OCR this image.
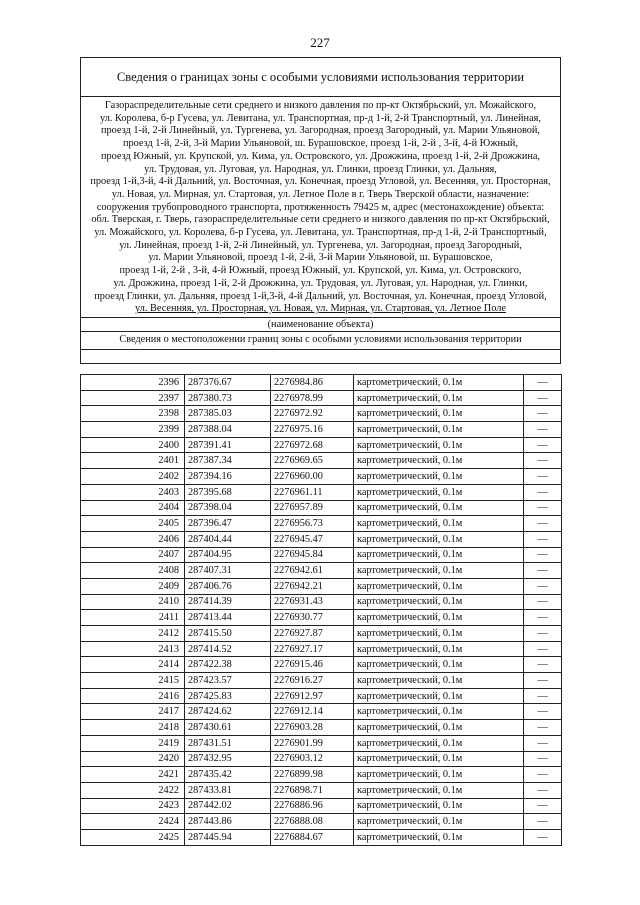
227
Сведения о границах зоны с особыми условиями использования территории
Газораспределительные сети среднего и низкого давления по пр-кт Октябрьский, ул. Можайского,
ул. Королева, б-р Гусева, ул. Левитана, ул. Транспортная, пр-д 1-й, 2-й Транспортный, ул. Линейная,
проезд 1-й, 2-й Линейный, ул. Тургенева, ул. Загородная, проезд Загородный, ул. Марии Ульяновой,
проезд 1-й, 2-й, 3-й Марии Ульяновой, ш. Бурашовское, проезд 1-й, 2-й , 3-й, 4-й Южный,
проезд Южный, ул. Крупской, ул. Кима, ул. Островского, ул. Дрожжина, проезд 1-й, 2-й Дрожжина,
ул. Трудовая, ул. Луговая, ул. Народная, ул. Глинки, проезд Глинки, ул. Дальняя,
проезд 1-й,3-й, 4-й Дальний, ул. Восточная, ул. Конечная, проезд Угловой, ул. Весенняя, ул. Просторная,
ул. Новая, ул. Мирная, ул. Стартовая, ул. Летное Поле в г. Тверь Тверской области, назначение:
сооружения трубопроводного транспорта, протяженность 79425 м, адрес (местонахождение) объекта:
обл. Тверская, г. Тверь, газораспределительные сети среднего и низкого давления по пр-кт Октябрьский,
ул. Можайского, ул. Королева, б-р Гусева, ул. Левитана, ул. Транспортная, пр-д 1-й, 2-й Транспортный,
ул. Линейная, проезд 1-й, 2-й Линейный, ул. Тургенева, ул. Загородная, проезд Загородный,
ул. Марии Ульяновой, проезд 1-й, 2-й, 3-й Марии Ульяновой, ш. Бурашовское,
проезд 1-й, 2-й , 3-й, 4-й Южный, проезд Южный, ул. Крупской, ул. Кима, ул. Островского,
ул. Дрожжина, проезд 1-й, 2-й Дрожжина, ул. Трудовая, ул. Луговая, ул. Народная, ул. Глинки,
проезд Глинки, ул. Дальняя, проезд 1-й,3-й, 4-й Дальний, ул. Восточная, ул. Конечная, проезд Угловой,
ул. Весенняя, ул. Просторная, ул. Новая, ул. Мирная, ул. Стартовая, ул. Летное Поле
(наименование объекта)
Сведения о местоположении границ зоны с особыми условиями использования территории
2396	287376.67	2276984.86	картометрический, 0.1м	—
2397	287380.73	2276978.99	картометрический, 0.1м	—
2398	287385.03	2276972.92	картометрический, 0.1м	—
2399	287388.04	2276975.16	картометрический, 0.1м	—
2400	287391.41	2276972.68	картометрический, 0.1м	—
2401	287387.34	2276969.65	картометрический, 0.1м	—
2402	287394.16	2276960.00	картометрический, 0.1м	—
2403	287395.68	2276961.11	картометрический, 0.1м	—
2404	287398.04	2276957.89	картометрический, 0.1м	—
2405	287396.47	2276956.73	картометрический, 0.1м	—
2406	287404.44	2276945.47	картометрический, 0.1м	—
2407	287404.95	2276945.84	картометрический, 0.1м	—
2408	287407.31	2276942.61	картометрический, 0.1м	—
2409	287406.76	2276942.21	картометрический, 0.1м	—
2410	287414.39	2276931.43	картометрический, 0.1м	—
2411	287413.44	2276930.77	картометрический, 0.1м	—
2412	287415.50	2276927.87	картометрический, 0.1м	—
2413	287414.52	2276927.17	картометрический, 0.1м	—
2414	287422.38	2276915.46	картометрический, 0.1м	—
2415	287423.57	2276916.27	картометрический, 0.1м	—
2416	287425.83	2276912.97	картометрический, 0.1м	—
2417	287424.62	2276912.14	картометрический, 0.1м	—
2418	287430.61	2276903.28	картометрический, 0.1м	—
2419	287431.51	2276901.99	картометрический, 0.1м	—
2420	287432.95	2276903.12	картометрический, 0.1м	—
2421	287435.42	2276899.98	картометрический, 0.1м	—
2422	287433.81	2276898.71	картометрический, 0.1м	—
2423	287442.02	2276886.96	картометрический, 0.1м	—
2424	287443.86	2276888.08	картометрический, 0.1м	—
2425	287445.94	2276884.67	картометрический, 0.1м	—
